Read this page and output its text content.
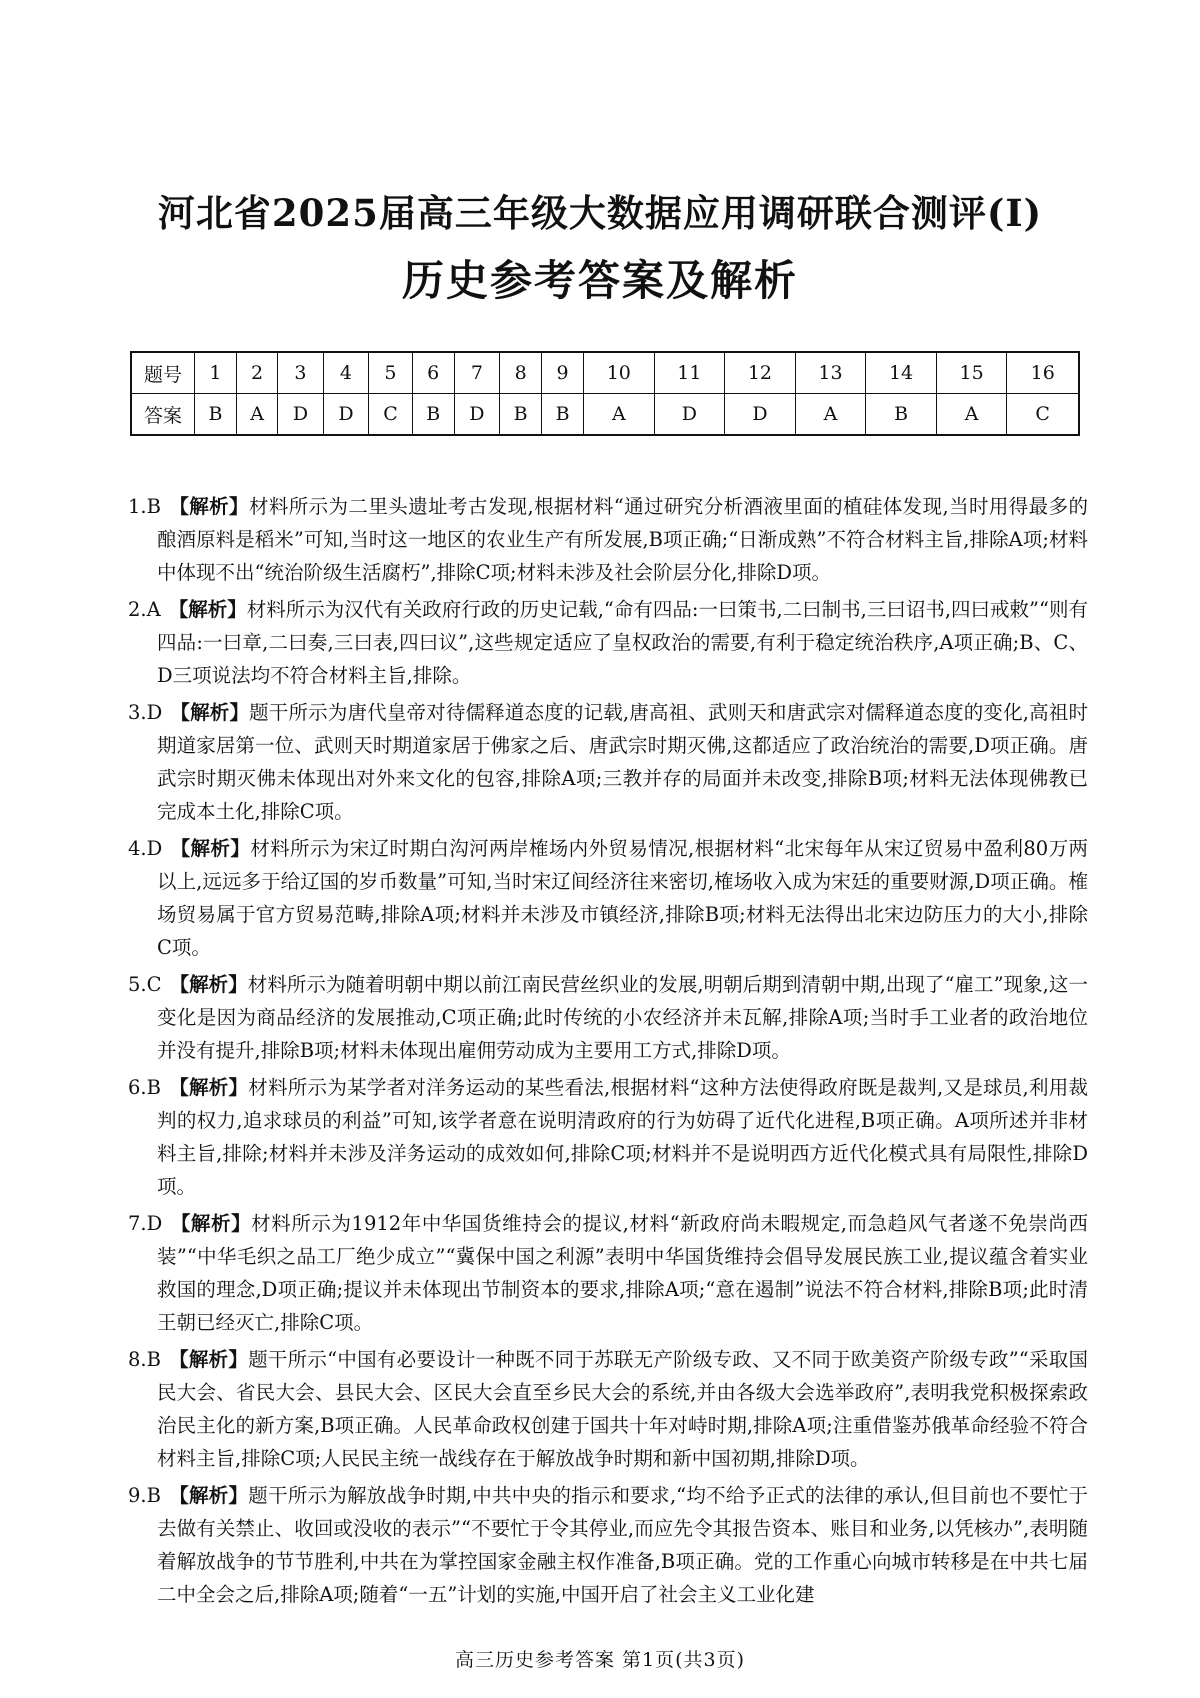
河北省2025届高三年级大数据应用调研联合测评(Ⅰ)
历史参考答案及解析
题号	1	2	3	4	5	6	7	8	9	10	11	12	13	14	15	16
答案	B	A	D	D	C	B	D	B	B	A	D	D	A	B	A	C

1.B 【解析】材料所示为二里头遗址考古发现,根据材料“通过研究分析酒液里面的植硅体发现,当时用得最多的酿酒原料是稻米”可知,当时这一地区的农业生产有所发展,B项正确;“日渐成熟”不符合材料主旨,排除A项;材料中体现不出“统治阶级生活腐朽”,排除C项;材料未涉及社会阶层分化,排除D项。

2.A 【解析】材料所示为汉代有关政府行政的历史记载,“命有四品:一曰策书,二曰制书,三曰诏书,四曰戒敕”“则有四品:一曰章,二曰奏,三曰表,四曰议”,这些规定适应了皇权政治的需要,有利于稳定统治秩序,A项正确;B、C、D三项说法均不符合材料主旨,排除。

3.D 【解析】题干所示为唐代皇帝对待儒释道态度的记载,唐高祖、武则天和唐武宗对儒释道态度的变化,高祖时期道家居第一位、武则天时期道家居于佛家之后、唐武宗时期灭佛,这都适应了政治统治的需要,D项正确。唐武宗时期灭佛未体现出对外来文化的包容,排除A项;三教并存的局面并未改变,排除B项;材料无法体现佛教已完成本土化,排除C项。

4.D 【解析】材料所示为宋辽时期白沟河两岸榷场内外贸易情况,根据材料“北宋每年从宋辽贸易中盈利80万两以上,远远多于给辽国的岁币数量”可知,当时宋辽间经济往来密切,榷场收入成为宋廷的重要财源,D项正确。榷场贸易属于官方贸易范畴,排除A项;材料并未涉及市镇经济,排除B项;材料无法得出北宋边防压力的大小,排除C项。

5.C 【解析】材料所示为随着明朝中期以前江南民营丝织业的发展,明朝后期到清朝中期,出现了“雇工”现象,这一变化是因为商品经济的发展推动,C项正确;此时传统的小农经济并未瓦解,排除A项;当时手工业者的政治地位并没有提升,排除B项;材料未体现出雇佣劳动成为主要用工方式,排除D项。

6.B 【解析】材料所示为某学者对洋务运动的某些看法,根据材料“这种方法使得政府既是裁判,又是球员,利用裁判的权力,追求球员的利益”可知,该学者意在说明清政府的行为妨碍了近代化进程,B项正确。A项所述并非材料主旨,排除;材料并未涉及洋务运动的成效如何,排除C项;材料并不是说明西方近代化模式具有局限性,排除D项。

7.D 【解析】材料所示为1912年中华国货维持会的提议,材料“新政府尚未暇规定,而急趋风气者遂不免崇尚西装”“中华毛织之品工厂绝少成立”“冀保中国之利源”表明中华国货维持会倡导发展民族工业,提议蕴含着实业救国的理念,D项正确;提议并未体现出节制资本的要求,排除A项;“意在遏制”说法不符合材料,排除B项;此时清王朝已经灭亡,排除C项。

8.B 【解析】题干所示“中国有必要设计一种既不同于苏联无产阶级专政、又不同于欧美资产阶级专政”“采取国民大会、省民大会、县民大会、区民大会直至乡民大会的系统,并由各级大会选举政府”,表明我党积极探索政治民主化的新方案,B项正确。人民革命政权创建于国共十年对峙时期,排除A项;注重借鉴苏俄革命经验不符合材料主旨,排除C项;人民民主统一战线存在于解放战争时期和新中国初期,排除D项。

9.B 【解析】题干所示为解放战争时期,中共中央的指示和要求,“均不给予正式的法律的承认,但目前也不要忙于去做有关禁止、收回或没收的表示”“不要忙于令其停业,而应先令其报告资本、账目和业务,以凭核办”,表明随着解放战争的节节胜利,中共在为掌控国家金融主权作准备,B项正确。党的工作重心向城市转移是在中共七届二中全会之后,排除A项;随着“一五”计划的实施,中国开启了社会主义工业化建

高三历史参考答案 第1页(共3页)
